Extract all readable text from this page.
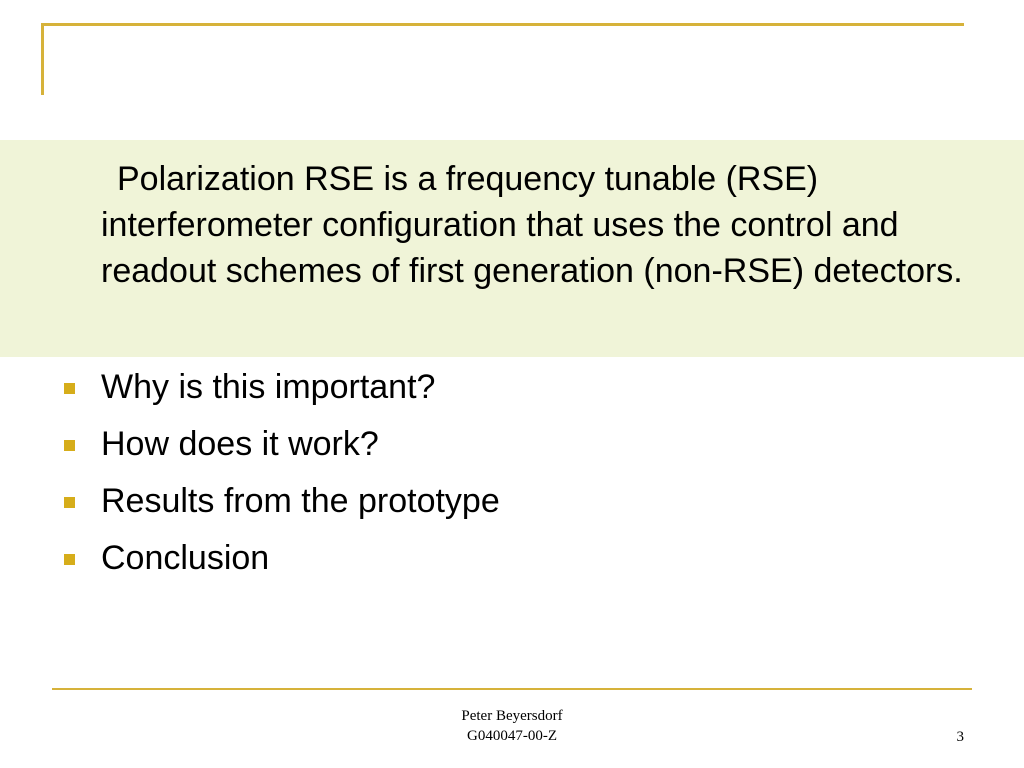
Polarization RSE is a frequency tunable (RSE) interferometer configuration that uses the control and readout schemes of first generation (non-RSE) detectors.

Why is this important?
How does it work?
Results from the prototype
Conclusion
Peter Beyersdorf
G040047-00-Z	3
